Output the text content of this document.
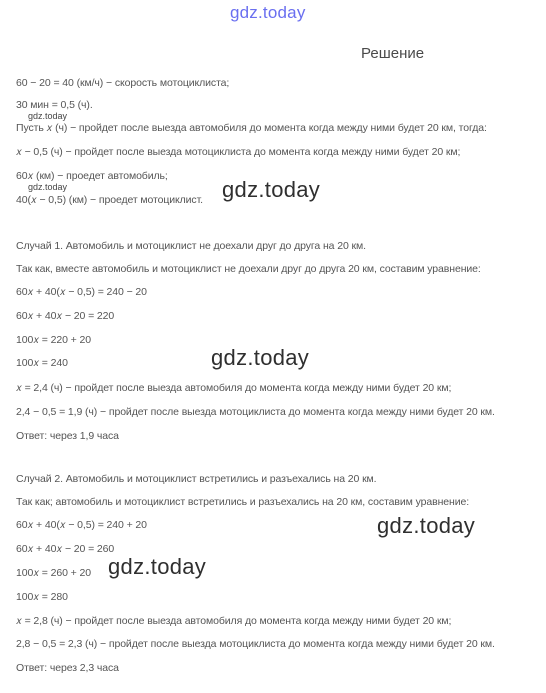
gdz.today
Решение
60 − 20 = 40 (км/ч) − скорость мотоциклиста;
30 мин = 0,5 (ч).
gdz.today
Пусть 𝑥 (ч) − пройдет после выезда автомобиля до момента когда между ними будет 20 км, тогда:
𝑥 − 0,5 (ч) − пройдет после выезда мотоциклиста до момента когда между ними будет 20 км;
60𝑥 (км) − проедет автомобиль;
gdz.today
40(𝑥 − 0,5) (км) − проедет мотоциклист. gdz.today
Случай 1. Автомобиль и мотоциклист не доехали друг до друга на 20 км.
Так как, вместе автомобиль и мотоциклист не доехали друг до друга 20 км, составим уравнение:
60𝑥 + 40(𝑥 − 0,5) = 240 − 20
60𝑥 + 40𝑥 − 20 = 220
100𝑥 = 220 + 20
100𝑥 = 240	gdz.today
𝑥 = 2,4 (ч) − пройдет после выезда автомобиля до момента когда между ними будет 20 км;
2,4 − 0,5 = 1,9 (ч) − пройдет после выезда мотоциклиста до момента когда между ними будет 20 км.
Ответ: через 1,9 часа
Случай 2. Автомобиль и мотоциклист встретились и разъехались на 20 км.
Так как; автомобиль и мотоциклист встретились и разъехались на 20 км, составим уравнение:
gdz.today
60𝑥 + 40(𝑥 − 0,5) = 240 + 20
60𝑥 + 40𝑥 − 20 = 260
100𝑥 = 260 + 20 gdz.today
100𝑥 = 280
𝑥 = 2,8 (ч) − пройдет после выезда автомобиля до момента когда между ними будет 20 км;
2,8 − 0,5 = 2,3 (ч) − пройдет после выезда мотоциклиста до момента когда между ними будет 20 км.
Ответ: через 2,3 часа
